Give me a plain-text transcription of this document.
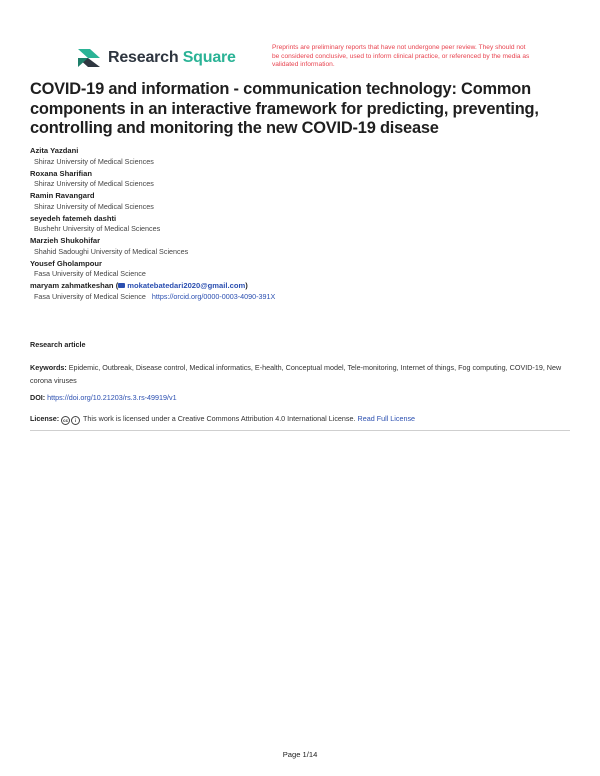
Research Square
Preprints are preliminary reports that have not undergone peer review. They should not be considered conclusive, used to inform clinical practice, or referenced by the media as validated information.
COVID-19 and information - communication technology: Common components in an interactive framework for predicting, preventing, controlling and monitoring the new COVID-19 disease
Azita Yazdani
Shiraz University of Medical Sciences
Roxana Sharifian
Shiraz University of Medical Sciences
Ramin Ravangard
Shiraz University of Medical Sciences
seyedeh fatemeh dashti
Bushehr University of Medical Sciences
Marzieh Shukohifar
Shahid Sadoughi University of Medical Sciences
Yousef Gholampour
Fasa University of Medical Science
maryam zahmatkeshan ( mokatebatedari2020@gmail.com)
Fasa University of Medical Science https://orcid.org/0000-0003-4090-391X
Research article
Keywords: Epidemic, Outbreak, Disease control, Medical informatics, E-health, Conceptual model, Tele-monitoring, Internet of things, Fog computing, COVID-19, New corona viruses
DOI: https://doi.org/10.21203/rs.3.rs-49919/v1
License: cc i This work is licensed under a Creative Commons Attribution 4.0 International License. Read Full License
Page 1/14
